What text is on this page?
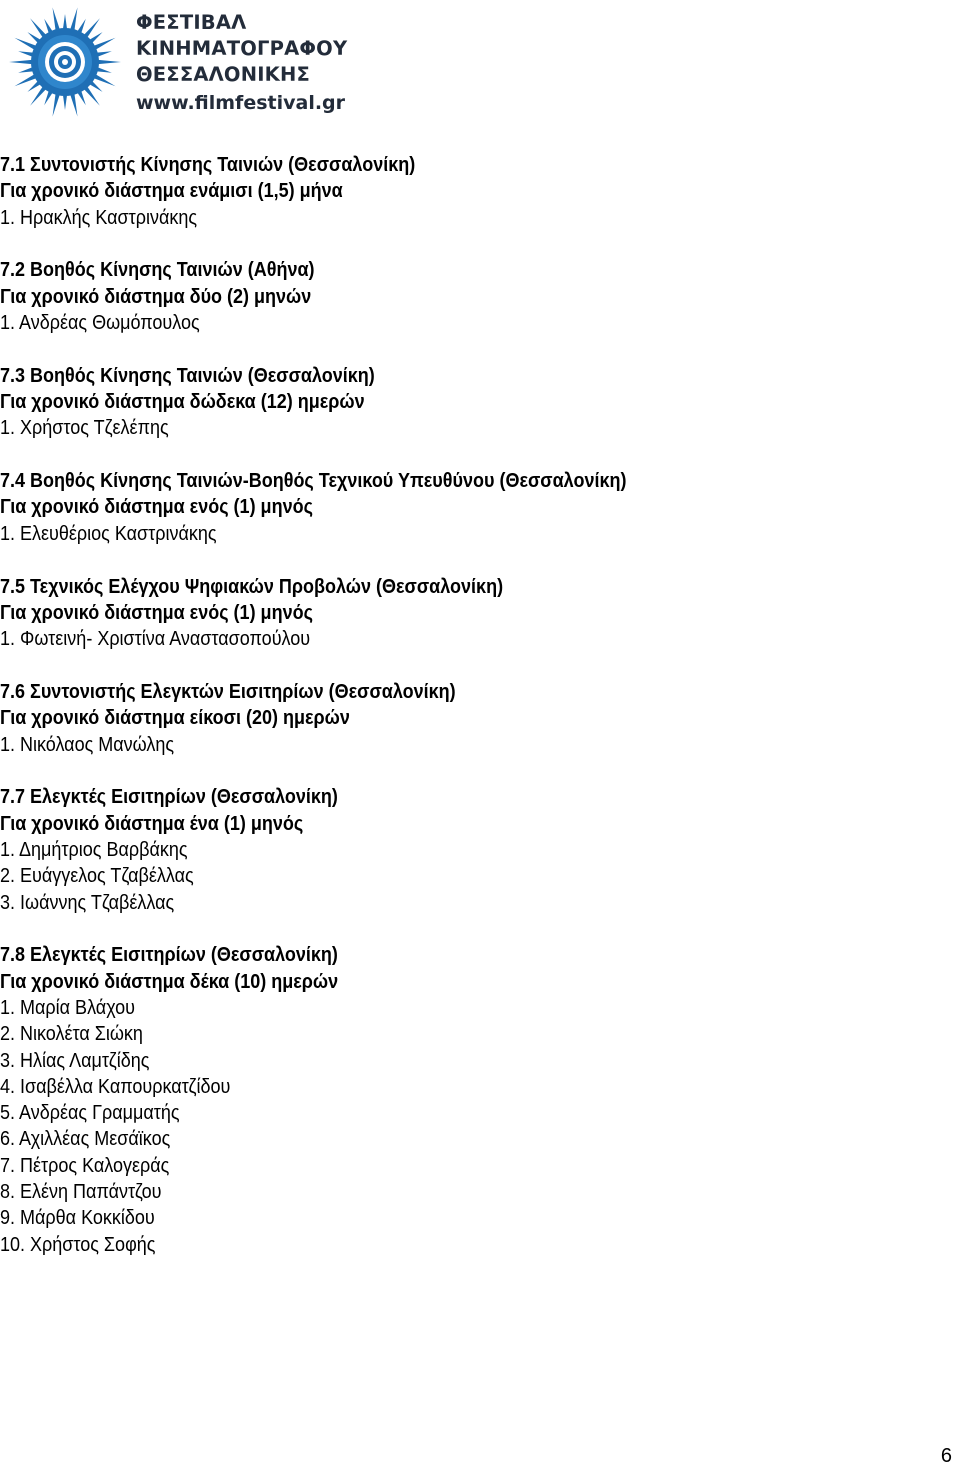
ΦΕΣΤΙΒΑΛ
ΚΙΝΗΜΑΤΟΓΡΑΦΟΥ
ΘΕΣΣΑΛΟΝΙΚΗΣ
www.filmfestival.gr
7.1 Συντονιστής Κίνησης Ταινιών (Θεσσαλονίκη)
Για χρονικό διάστημα ενάμισι (1,5) μήνα
1. Ηρακλής Καστρινάκης
7.2 Βοηθός Κίνησης Ταινιών (Αθήνα)
Για χρονικό διάστημα δύο (2) μηνών
1. Ανδρέας Θωμόπουλος
7.3 Βοηθός Κίνησης Ταινιών (Θεσσαλονίκη)
Για χρονικό διάστημα δώδεκα (12) ημερών
1. Χρήστος Τζελέπης
7.4 Βοηθός Κίνησης Ταινιών-Βοηθός Τεχνικού Υπευθύνου (Θεσσαλονίκη)
Για χρονικό διάστημα ενός (1) μηνός
1. Ελευθέριος Καστρινάκης
7.5 Τεχνικός Ελέγχου Ψηφιακών Προβολών (Θεσσαλονίκη)
Για χρονικό διάστημα ενός (1) μηνός
1. Φωτεινή- Χριστίνα Αναστασοπούλου
7.6 Συντονιστής Ελεγκτών Εισιτηρίων (Θεσσαλονίκη)
Για χρονικό διάστημα είκοσι (20) ημερών
1. Νικόλαος Μανώλης
7.7 Ελεγκτές Εισιτηρίων (Θεσσαλονίκη)
Για χρονικό διάστημα ένα (1) μηνός
1. Δημήτριος Βαρβάκης
2. Ευάγγελος Τζαβέλλας
3. Ιωάννης Τζαβέλλας
7.8 Ελεγκτές Εισιτηρίων (Θεσσαλονίκη)
Για χρονικό διάστημα δέκα (10) ημερών
1. Μαρία Βλάχου
2. Νικολέτα Σιώκη
3. Ηλίας Λαμτζίδης
4. Ισαβέλλα Καπουρκατζίδου
5. Ανδρέας Γραμματής
6. Αχιλλέας Μεσάϊκος
7. Πέτρος Καλογεράς
8. Ελένη Παπάντζου
9. Μάρθα Κοκκίδου
10. Χρήστος Σοφής
6
